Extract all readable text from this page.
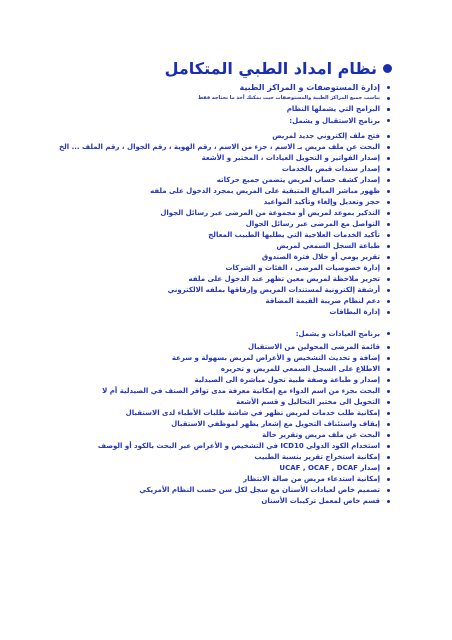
نظام امداد الطبي المتكامل
إدارة المستوصفات و المراكز الطبية
يناسب جميع المراكز الطبية والمستوصفات حيث يمكنك أخذ ما تحتاجه فقط
البرامج التي يشملها النظام
برنامج الاستقبال و يشمل:
فتح ملف إلكتروني جديد لمريض
البحث عن ملف مريض بـ الاسم ، جزء من الاسم ، رقم الهوية ، رقم الجوال ، رقم الملف ... الخ
إصدار الفواتير و التحويل العيادات ، المختبر و الأشعة
إصدار سندات قبض بالخدمات
إصدار كشف حساب لمريض يتضمن جميع حركاته
ظهور مباشر المبالغ المتبقية على المريض بمجرد الدخول على ملفه
حجز وتعديل وإلغاء وتأكيد المواعيد
التذكير بموعد لمريض أو مجموعة من المرضى عبر رسائل الجوال
التواصل مع المرضى عبر رسائل الجوال
تأكيد الخدمات العلاجية التي يطلبها الطبيب المعالج
طباعة السجل السمعي لمريض
تقرير يومي أو خلال فترة الصندوق
إدارة خصوصيات المرضى ، الفئات و الشركات
تحرير ملاحظة لمريض معين تظهر عند الدخول على ملفه
أرشفة إلكترونية لمستندات المريض وإرفاقها بملفه الالكتروني
دعم لنظام ضريبة القيمة المضافة
إدارة البطاقات
برنامج العيادات و يشمل:
قائمة المرضى المحولين من الاستقبال
إضافة و تحديث التشخيص و الأعراض لمريض بسهولة و سرعة
الاطلاع على السجل السمعي للمريض و تحريره
إصدار و طباعة وصفة طبية تحول مباشرة الى الصيدلية
البحث بجزء من اسم الدواء مع إمكانية معرفة مدى توافر الصنف في الصيدلية أم لا
التحويل الى مختبر التحاليل و قسم الأشعة
إمكانية طلب خدمات لمريض تظهر في شاشة طلبات الأطباء لدى الاستقبال
إيقاف واستئناف التحويل مع إشعار يظهر لموظفي الاستقبال
البحث عن ملف مريض وتقرير حالة
استخدام الكود الدولي ICD10 في التشخيص و الأعراض عبر البحث بالكود أو الوصف
إمكانية استخراج تقرير بنسبة الطبيب
إصدار UCAF , OCAF , DCAF
إمكانية استدعاء مريض من صالة الانتظار
تصميم خاص لعيادات الأسنان مع سجل لكل سن حسب النظام الأمريكي
قسم خاص لمعمل تركيبات الأسنان
